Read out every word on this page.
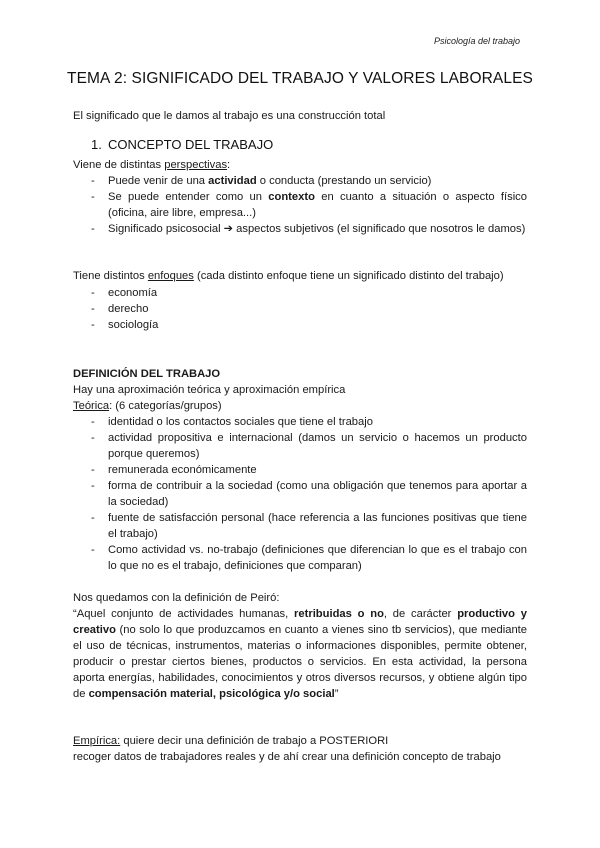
Psicología del trabajo
TEMA 2: SIGNIFICADO DEL TRABAJO Y VALORES LABORALES

El significado que le damos al trabajo es una construcción total

1. CONCEPTO DEL TRABAJO

Viene de distintas perspectivas:

- Puede venir de una actividad o conducta (prestando un servicio)
- Se puede entender como un contexto en cuanto a situación o aspecto físico (oficina, aire libre, empresa...)
- Significado psicosocial ➔ aspectos subjetivos (el significado que nosotros le damos)

Tiene distintos enfoques (cada distinto enfoque tiene un significado distinto del trabajo)

- economía
- derecho
- sociología

DEFINICIÓN DEL TRABAJO

Hay una aproximación teórica y aproximación empírica

Teórica: (6 categorías/grupos)

- identidad o los contactos sociales que tiene el trabajo
- actividad propositiva e internacional (damos un servicio o hacemos un producto porque queremos)
- remunerada económicamente
- forma de contribuir a la sociedad (como una obligación que tenemos para aportar a la sociedad)
- fuente de satisfacción personal (hace referencia a las funciones positivas que tiene el trabajo)
- Como actividad vs. no-trabajo (definiciones que diferencian lo que es el trabajo con lo que no es el trabajo, definiciones que comparan)

Nos quedamos con la definición de Peiró:

“Aquel conjunto de actividades humanas, retribuidas o no, de carácter productivo y creativo (no solo lo que produzcamos en cuanto a vienes sino tb servicios), que mediante el uso de técnicas, instrumentos, materias o informaciones disponibles, permite obtener, producir o prestar ciertos bienes, productos o servicios. En esta actividad, la persona aporta energías, habilidades, conocimientos y otros diversos recursos, y obtiene algún tipo de compensación material, psicológica y/o social”

Empírica: quiere decir una definición de trabajo a POSTERIORI

recoger datos de trabajadores reales y de ahí crear una definición concepto de trabajo
